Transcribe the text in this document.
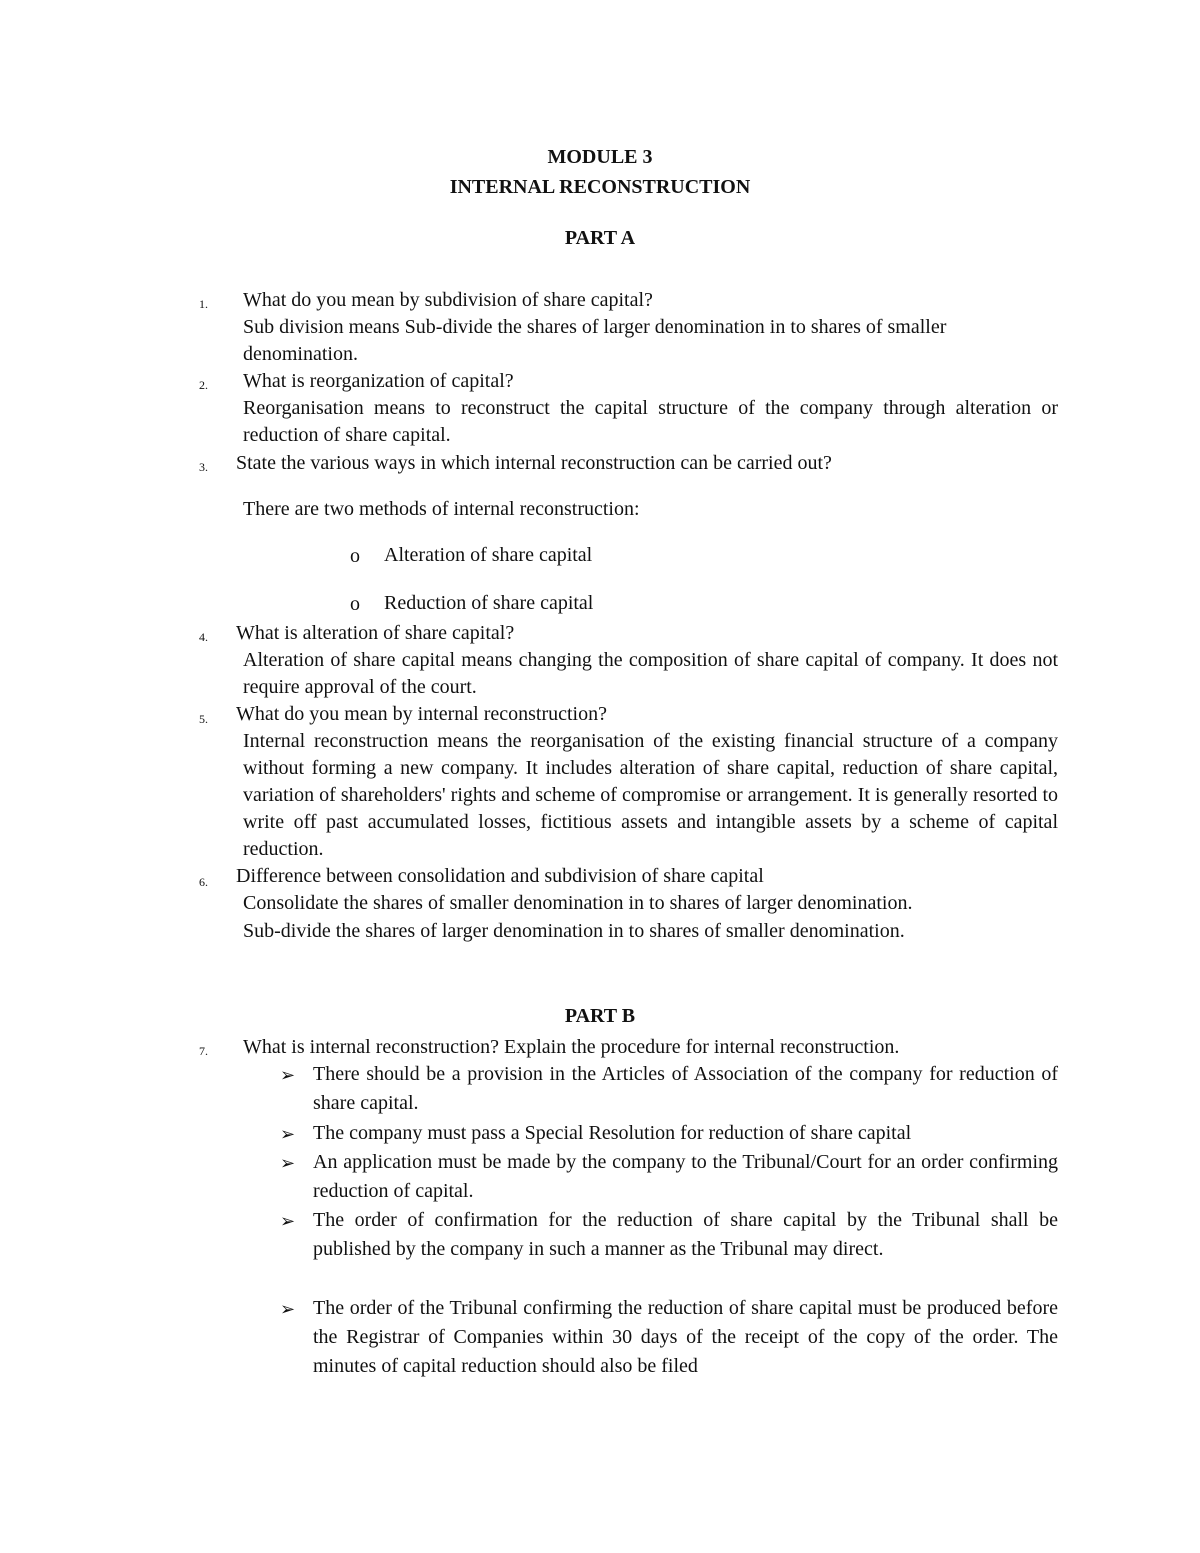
MODULE 3
INTERNAL RECONSTRUCTION
PART A
1. What do you mean by subdivision of share capital?
Sub division means Sub-divide the shares of larger denomination in to shares of smaller denomination.
2. What is reorganization of capital?
Reorganisation means to reconstruct the capital structure of the company through alteration or reduction of share capital.
3. State the various ways in which internal reconstruction can be carried out?
There are two methods of internal reconstruction:
o Alteration of share capital
o Reduction of share capital
4. What is alteration of share capital?
Alteration of share capital means changing the composition of share capital of company. It does not require approval of the court.
5. What do you mean by internal reconstruction?
Internal reconstruction means the reorganisation of the existing financial structure of a company without forming a new company. It includes alteration of share capital, reduction of share capital, variation of shareholders' rights and scheme of compromise or arrangement. It is generally resorted to write off past accumulated losses, fictitious assets and intangible assets by a scheme of capital reduction.
6. Difference between consolidation and subdivision of share capital
Consolidate the shares of smaller denomination in to shares of larger denomination.
Sub-divide the shares of larger denomination in to shares of smaller denomination.
PART B
7. What is internal reconstruction? Explain the procedure for internal reconstruction.
➢ There should be a provision in the Articles of Association of the company for reduction of share capital.
➢ The company must pass a Special Resolution for reduction of share capital
➢ An application must be made by the company to the Tribunal/Court for an order confirming reduction of capital.
➢ The order of confirmation for the reduction of share capital by the Tribunal shall be published by the company in such a manner as the Tribunal may direct.
➢ The order of the Tribunal confirming the reduction of share capital must be produced before the Registrar of Companies within 30 days of the receipt of the copy of the order. The minutes of capital reduction should also be filed
